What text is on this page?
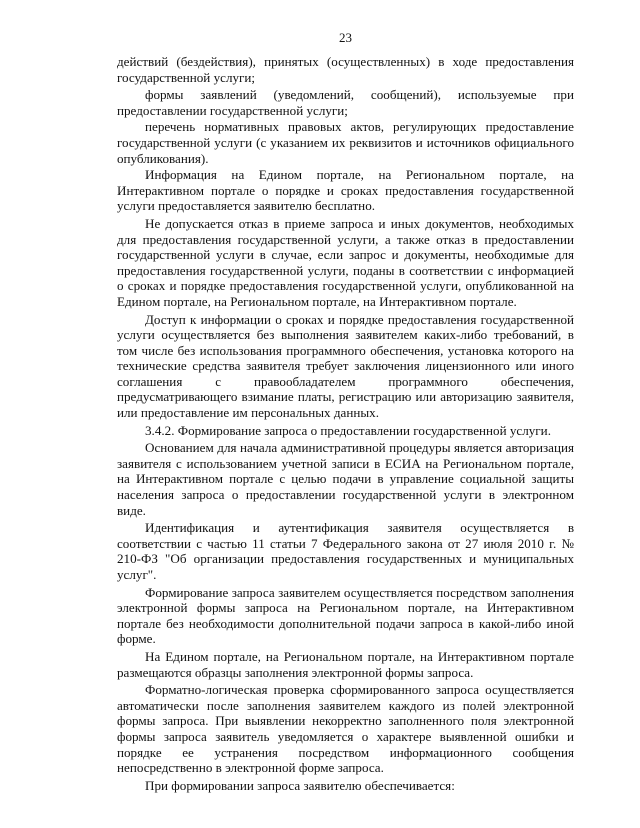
23

действий (бездействия), принятых (осуществленных) в ходе предоставления государственной услуги;

формы заявлений (уведомлений, сообщений), используемые при предоставлении государственной услуги;

перечень нормативных правовых актов, регулирующих предоставление государственной услуги (с указанием их реквизитов и источников официального опубликования).

Информация на Едином портале, на Региональном портале, на Интерактивном портале о порядке и сроках предоставления государственной услуги предоставляется заявителю бесплатно.

Не допускается отказ в приеме запроса и иных документов, необходимых для предоставления государственной услуги, а также отказ в предоставлении государственной услуги в случае, если запрос и документы, необходимые для предоставления государственной услуги, поданы в соответствии с информацией о сроках и порядке предоставления государственной услуги, опубликованной на Едином портале, на Региональном портале, на Интерактивном портале.

Доступ к информации о сроках и порядке предоставления государственной услуги осуществляется без выполнения заявителем каких-либо требований, в том числе без использования программного обеспечения, установка которого на технические средства заявителя требует заключения лицензионного или иного соглашения с правообладателем программного обеспечения, предусматривающего взимание платы, регистрацию или авторизацию заявителя, или предоставление им персональных данных.

3.4.2. Формирование запроса о предоставлении государственной услуги.

Основанием для начала административной процедуры является авторизация заявителя с использованием учетной записи в ЕСИА на Региональном портале, на Интерактивном портале с целью подачи в управление социальной защиты населения запроса о предоставлении государственной услуги в электронном виде.

Идентификация и аутентификация заявителя осуществляется в соответствии с частью 11 статьи 7 Федерального закона от 27 июля 2010 г. № 210-ФЗ "Об организации предоставления государственных и муниципальных услуг".

Формирование запроса заявителем осуществляется посредством заполнения электронной формы запроса на Региональном портале, на Интерактивном портале без необходимости дополнительной подачи запроса в какой-либо иной форме.

На Едином портале, на Региональном портале, на Интерактивном портале размещаются образцы заполнения электронной формы запроса.

Форматно-логическая проверка сформированного запроса осуществляется автоматически после заполнения заявителем каждого из полей электронной формы запроса. При выявлении некорректно заполненного поля электронной формы запроса заявитель уведомляется о характере выявленной ошибки и порядке ее устранения посредством информационного сообщения непосредственно в электронной форме запроса.

При формировании запроса заявителю обеспечивается:
